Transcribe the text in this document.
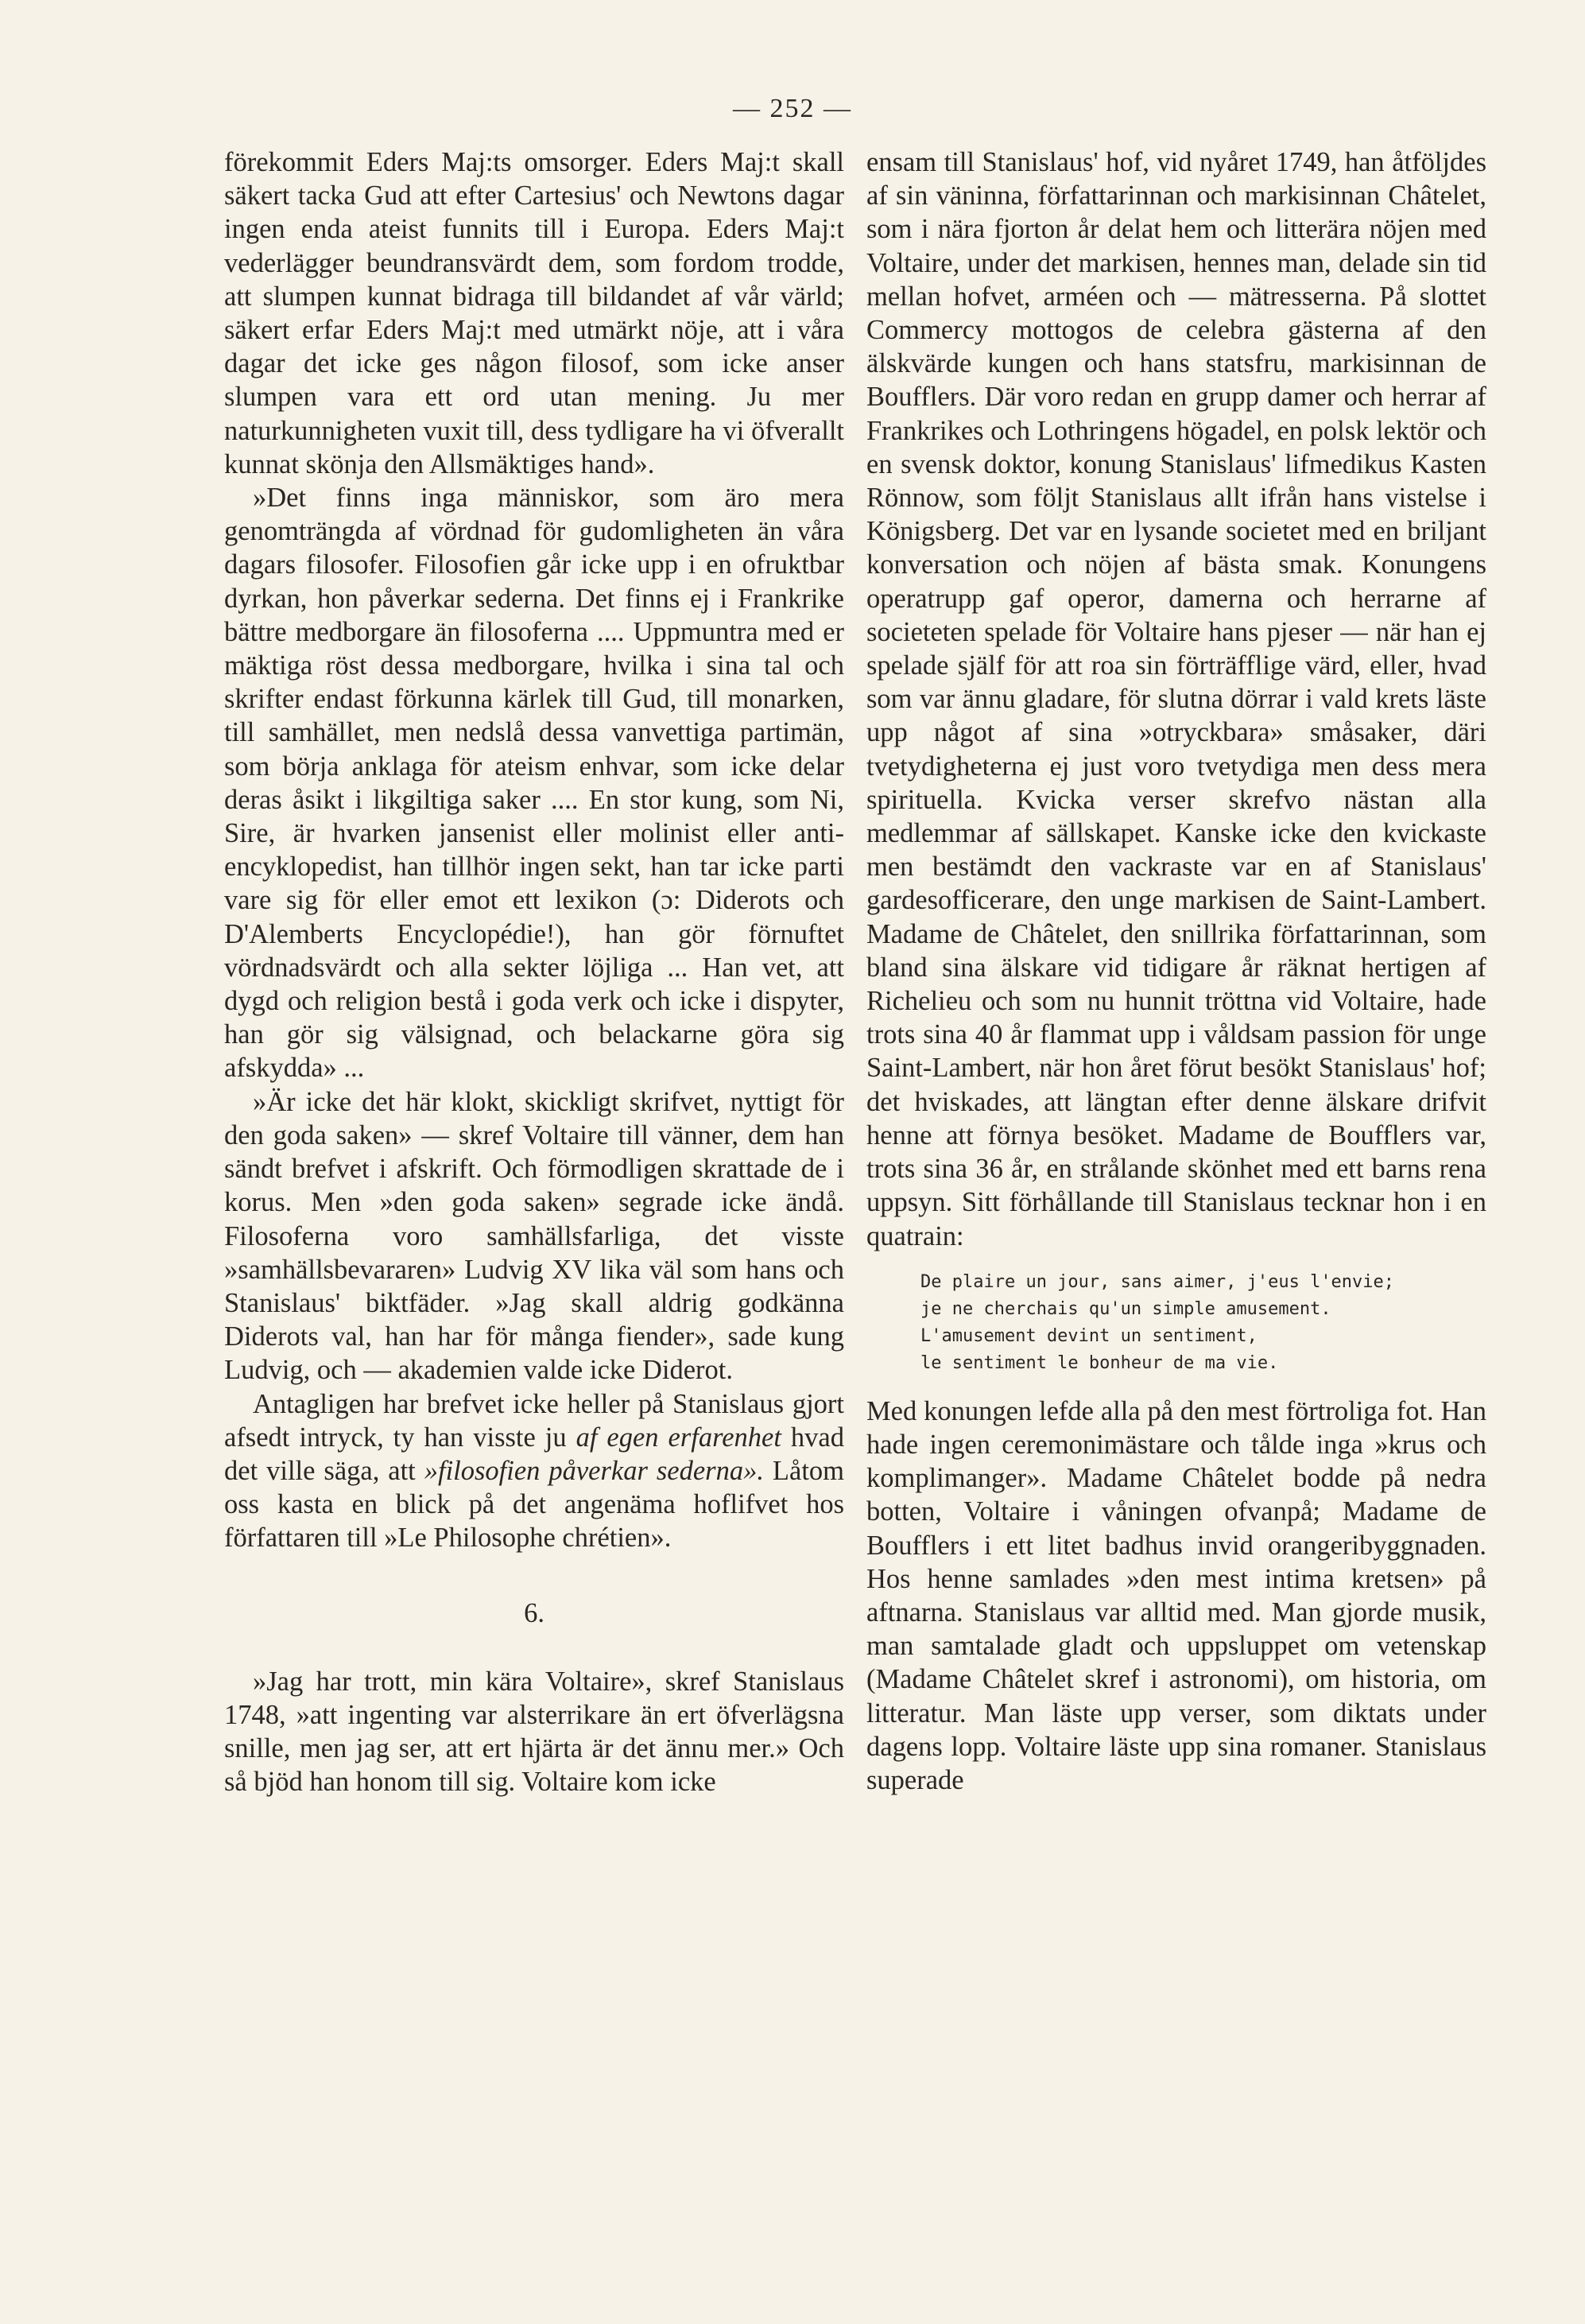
— 252 —

förekommit Eders Maj:ts omsorger. Eders Maj:t skall säkert tacka Gud att efter Cartesius' och Newtons dagar ingen enda ateist funnits till i Europa. Eders Maj:t vederlägger beundransvärdt dem, som fordom trodde, att slumpen kunnat bidraga till bildandet af vår värld; säkert erfar Eders Maj:t med utmärkt nöje, att i våra dagar det icke ges någon filosof, som icke anser slumpen vara ett ord utan mening. Ju mer naturkunnigheten vuxit till, dess tydligare ha vi öfverallt kunnat skönja den Allsmäktiges hand».

»Det finns inga människor, som äro mera genomträngda af vördnad för gudomligheten än våra dagars filosofer. Filosofien går icke upp i en ofruktbar dyrkan, hon påverkar sederna. Det finns ej i Frankrike bättre medborgare än filosoferna .... Uppmuntra med er mäktiga röst dessa medborgare, hvilka i sina tal och skrifter endast förkunna kärlek till Gud, till monarken, till samhället, men nedslå dessa vanvettiga partimän, som börja anklaga för ateism enhvar, som icke delar deras åsikt i likgiltiga saker .... En stor kung, som Ni, Sire, är hvarken jansenist eller molinist eller anti-encyklopedist, han tillhör ingen sekt, han tar icke parti vare sig för eller emot ett lexikon (ɔ: Diderots och D'Alemberts Encyclopédie!), han gör förnuftet vördnadsvärdt och alla sekter löjliga ... Han vet, att dygd och religion bestå i goda verk och icke i dispyter, han gör sig välsignad, och belackarne göra sig afskydda» ...

»Är icke det här klokt, skickligt skrifvet, nyttigt för den goda saken» — skref Voltaire till vänner, dem han sändt brefvet i afskrift. Och förmodligen skrattade de i korus. Men »den goda saken» segrade icke ändå. Filosoferna voro samhällsfarliga, det visste »samhällsbevararen» Ludvig XV lika väl som hans och Stanislaus' biktfäder. »Jag skall aldrig godkänna Diderots val, han har för många fiender», sade kung Ludvig, och — akademien valde icke Diderot.

Antagligen har brefvet icke heller på Stanislaus gjort afsedt intryck, ty han visste ju af egen erfarenhet hvad det ville säga, att »filosofien påverkar sederna». Låtom oss kasta en blick på det angenäma hoflifvet hos författaren till »Le Philosophe chrétien».

6.

»Jag har trott, min kära Voltaire», skref Stanislaus 1748, »att ingenting var alsterrikare än ert öfverlägsna snille, men jag ser, att ert hjärta är det ännu mer.» Och så bjöd han honom till sig. Voltaire kom icke

ensam till Stanislaus' hof, vid nyåret 1749, han åtföljdes af sin väninna, författarinnan och markisinnan Châtelet, som i nära fjorton år delat hem och litterära nöjen med Voltaire, under det markisen, hennes man, delade sin tid mellan hofvet, arméen och — mätresserna. På slottet Commercy mottogos de celebra gästerna af den älskvärde kungen och hans statsfru, markisinnan de Boufflers. Där voro redan en grupp damer och herrar af Frankrikes och Lothringens högadel, en polsk lektör och en svensk doktor, konung Stanislaus' lifmedikus Kasten Rönnow, som följt Stanislaus allt ifrån hans vistelse i Königsberg. Det var en lysande societet med en briljant konversation och nöjen af bästa smak. Konungens operatrupp gaf operor, damerna och herrarne af societeten spelade för Voltaire hans pjeser — när han ej spelade själf för att roa sin förträfflige värd, eller, hvad som var ännu gladare, för slutna dörrar i vald krets läste upp något af sina »otryckbara» småsaker, däri tvetydigheterna ej just voro tvetydiga men dess mera spirituella. Kvicka verser skrefvo nästan alla medlemmar af sällskapet. Kanske icke den kvickaste men bestämdt den vackraste var en af Stanislaus' gardesofficerare, den unge markisen de Saint-Lambert. Madame de Châtelet, den snillrika författarinnan, som bland sina älskare vid tidigare år räknat hertigen af Richelieu och som nu hunnit tröttna vid Voltaire, hade trots sina 40 år flammat upp i våldsam passion för unge Saint-Lambert, när hon året förut besökt Stanislaus' hof; det hviskades, att längtan efter denne älskare drifvit henne att förnya besöket. Madame de Boufflers var, trots sina 36 år, en strålande skönhet med ett barns rena uppsyn. Sitt förhållande till Stanislaus tecknar hon i en quatrain:

De plaire un jour, sans aimer, j'eus l'envie;
je ne cherchais qu'un simple amusement.
L'amusement devint un sentiment,
le sentiment le bonheur de ma vie.

Med konungen lefde alla på den mest förtroliga fot. Han hade ingen ceremonimästare och tålde inga »krus och komplimanger». Madame Châtelet bodde på nedra botten, Voltaire i våningen ofvanpå; Madame de Boufflers i ett litet badhus invid orangeribyggnaden. Hos henne samlades »den mest intima kretsen» på aftnarna. Stanislaus var alltid med. Man gjorde musik, man samtalade gladt och uppsluppet om vetenskap (Madame Châtelet skref i astronomi), om historia, om litteratur. Man läste upp verser, som diktats under dagens lopp. Voltaire läste upp sina romaner. Stanislaus superade
